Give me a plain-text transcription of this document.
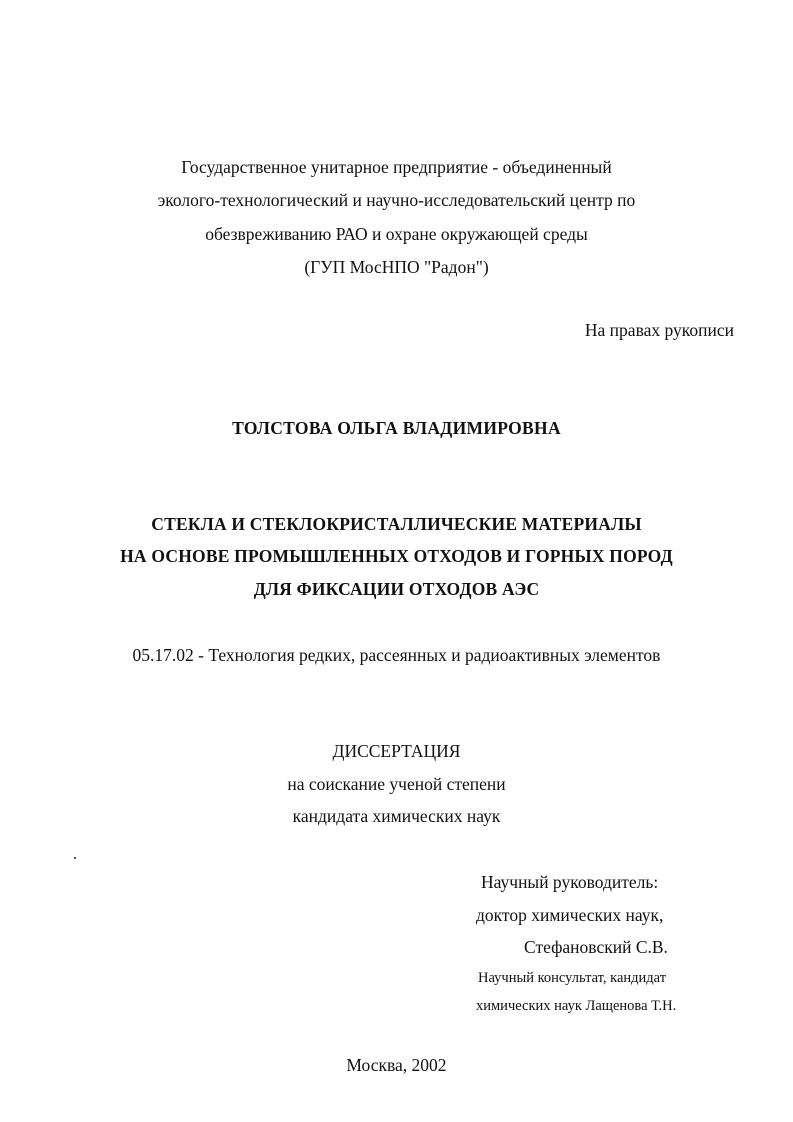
Государственное унитарное предприятие - объединенный
эколого-технологический и научно-исследовательский центр по
обезвреживанию РАО и охране окружающей среды
(ГУП МосНПО "Радон")
На правах рукописи
ТОЛСТОВА ОЛЬГА ВЛАДИМИРОВНА
СТЕКЛА И СТЕКЛОКРИСТАЛЛИЧЕСКИЕ МАТЕРИАЛЫ
НА ОСНОВЕ ПРОМЫШЛЕННЫХ ОТХОДОВ И ГОРНЫХ ПОРОД
ДЛЯ ФИКСАЦИИ ОТХОДОВ АЭС
05.17.02 - Технология редких, рассеянных и радиоактивных элементов
ДИССЕРТАЦИЯ
на соискание ученой степени
кандидата химических наук
Научный руководитель:
доктор химических наук,
Стефановский С.В.
Научный консультат, кандидат
химических наук Лащенова Т.Н.
Москва, 2002
